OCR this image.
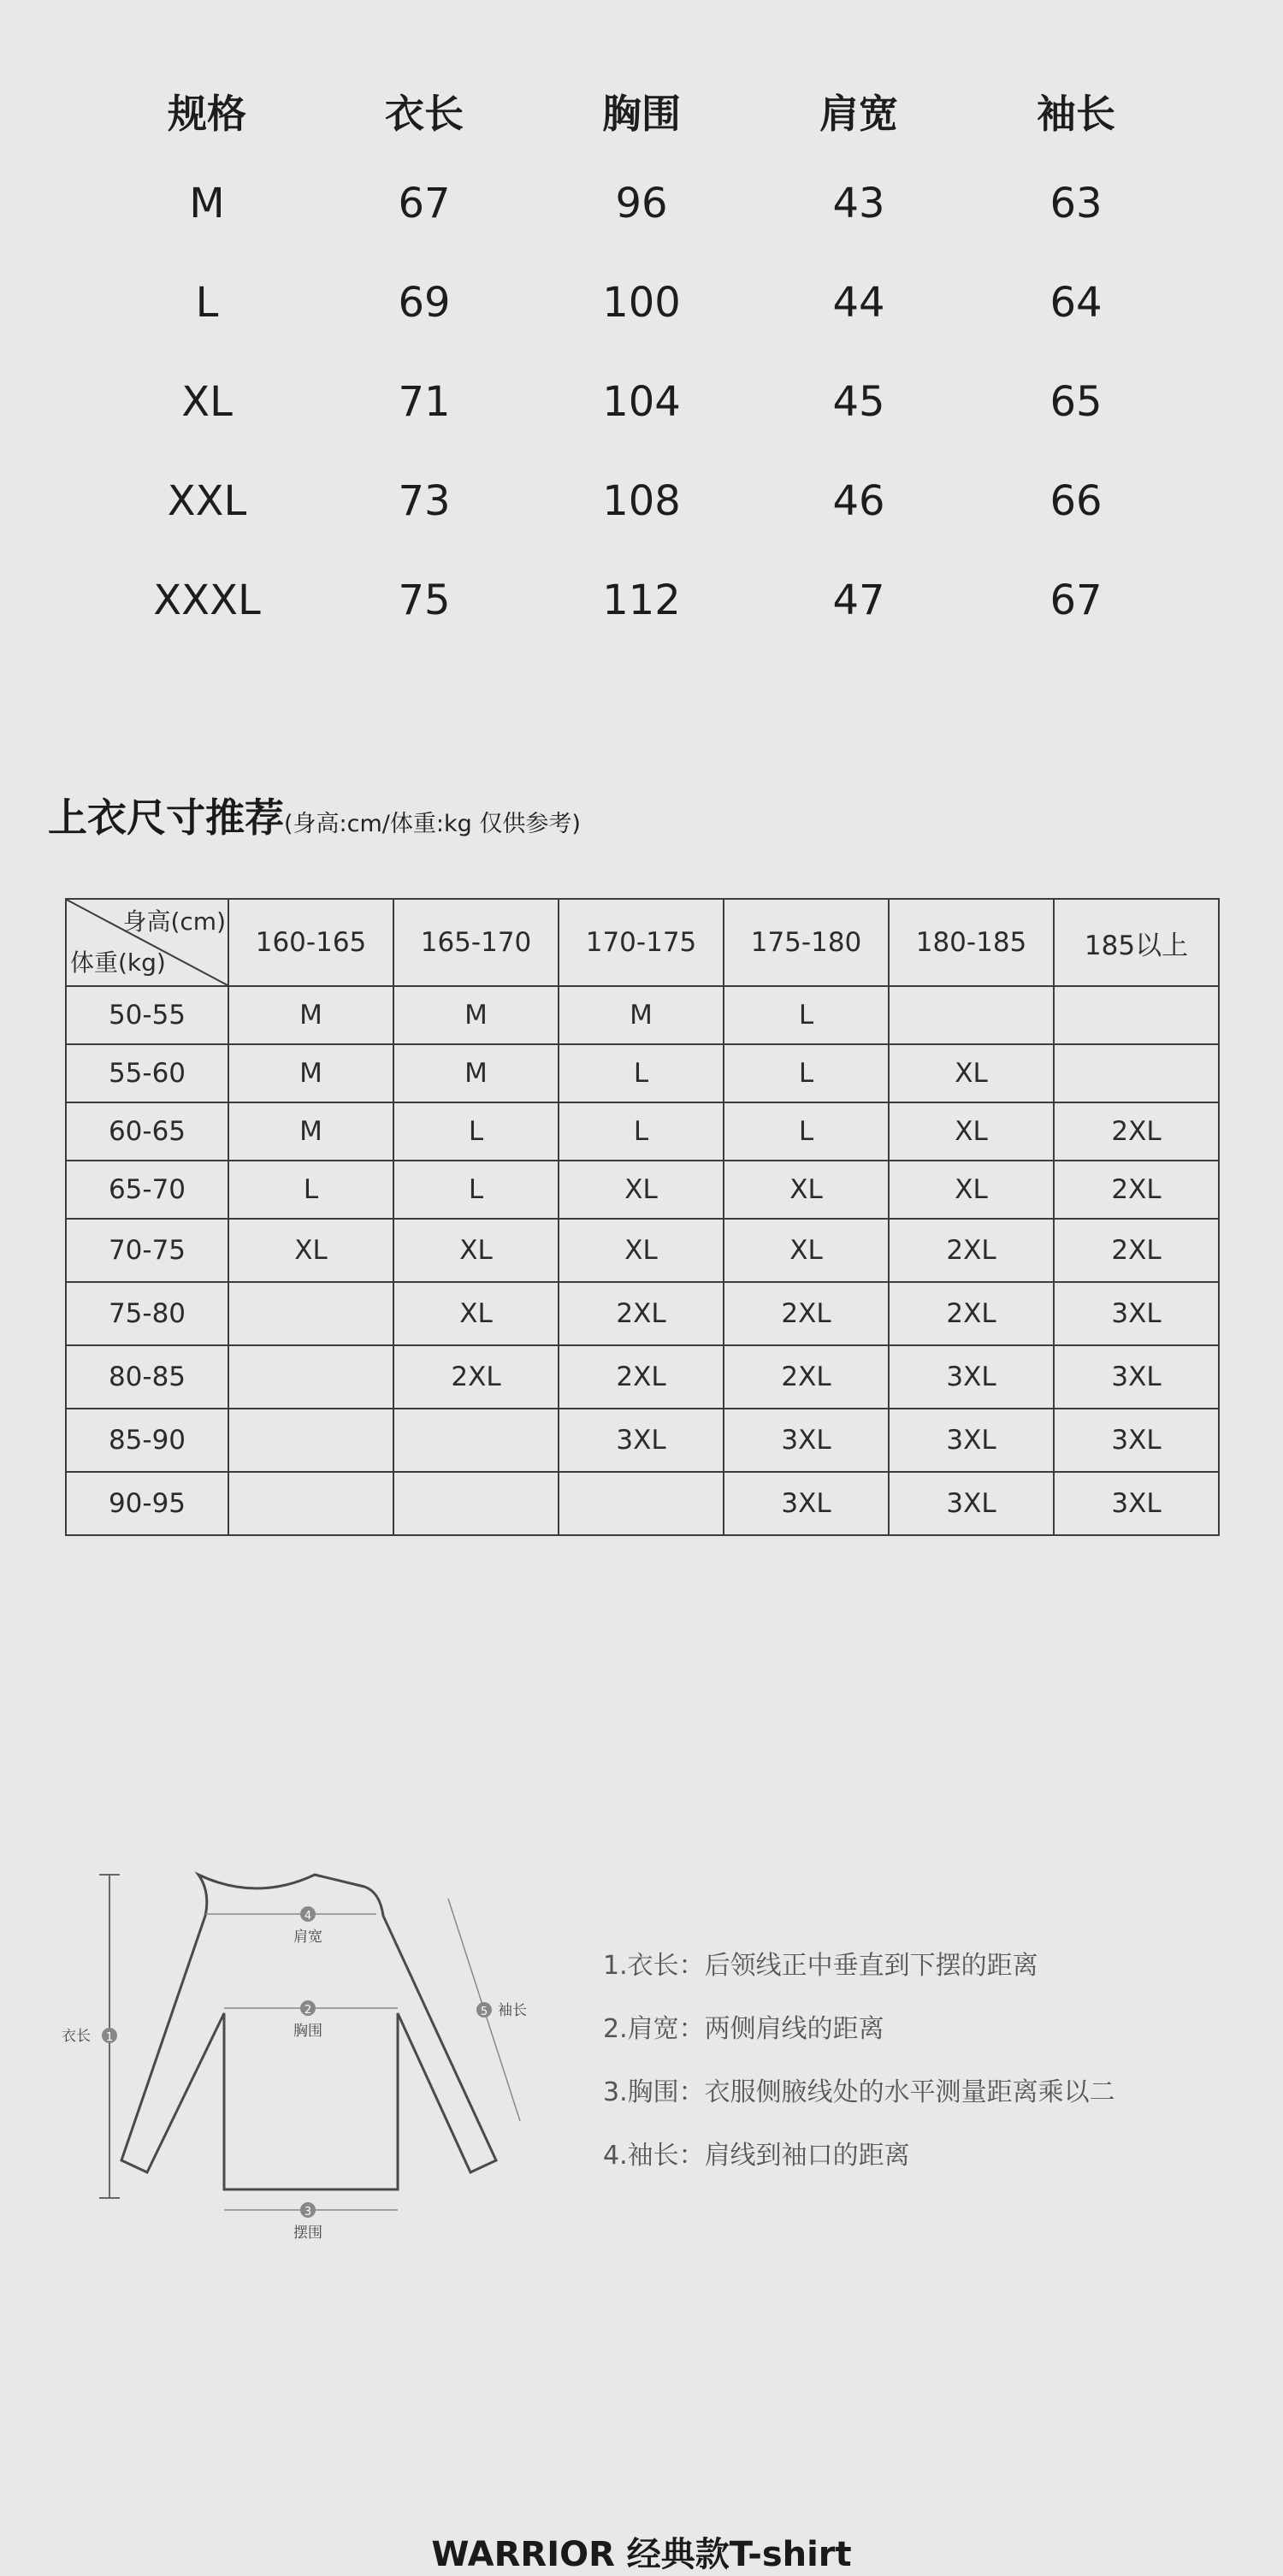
规格	衣长	胸围	肩宽	袖长
M	67	96	43	63
L	69	100	44	64
XL	71	104	45	65
XXL	73	108	46	66
XXXL	75	112	47	67
上衣尺寸推荐(身高:cm/体重:kg 仅供参考)
身高(cm)
体重(kg)	160-165	165-170	170-175	175-180	180-185	185以上
50-55	M	M	M	L		
55-60	M	M	L	L	XL	
60-65	M	L	L	L	XL	2XL
65-70	L	L	XL	XL	XL	2XL
70-75	XL	XL	XL	XL	2XL	2XL
75-80		XL	2XL	2XL	2XL	3XL
80-85		2XL	2XL	2XL	3XL	3XL
85-90			3XL	3XL	3XL	3XL
90-95				3XL	3XL	3XL
1
衣长
4
肩宽
2
胸围
3
摆围
5 袖长
1.衣长：后领线正中垂直到下摆的距离
2.肩宽：两侧肩线的距离
3.胸围：衣服侧腋线处的水平测量距离乘以二
4.袖长：肩线到袖口的距离
WARRIOR 经典款T-shirt
